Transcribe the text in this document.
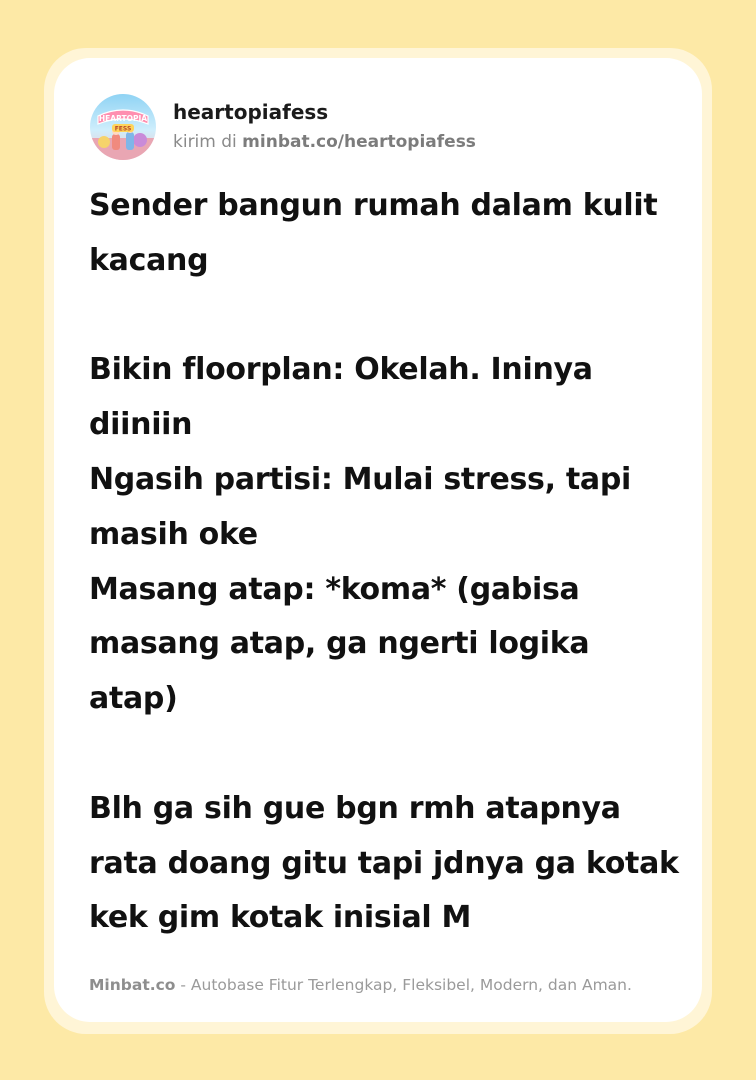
HEARTOPIA
FESS
heartopiafess
kirim di minbat.co/heartopiafess
Sender bangun rumah dalam kulit
kacang
Bikin floorplan: Okelah. Ininya
diiniin
Ngasih partisi: Mulai stress, tapi
masih oke
Masang atap: *koma* (gabisa
masang atap, ga ngerti logika
atap)
Blh ga sih gue bgn rmh atapnya
rata doang gitu tapi jdnya ga kotak
kek gim kotak inisial M
Minbat.co - Autobase Fitur Terlengkap, Fleksibel, Modern, dan Aman.
